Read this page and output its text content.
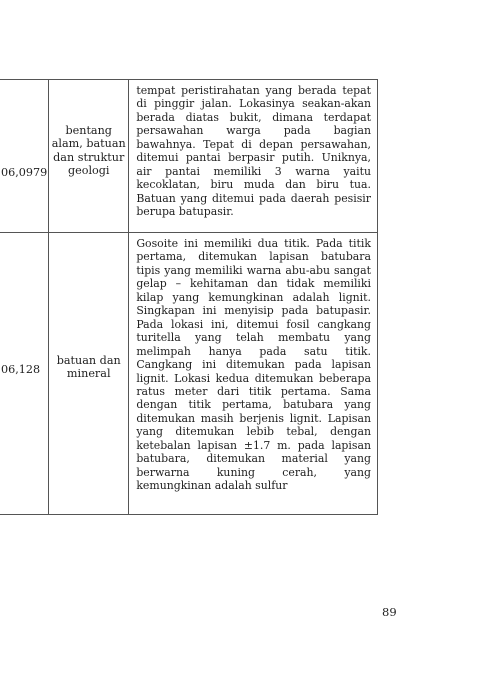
06,0979	bentang alam, batuan dan struktur geologi	tempat peristirahatan yang berada tepat di pinggir jalan. Lokasinya seakan-akan berada diatas bukit, dimana terdapat persawahan warga pada bagian bawahnya. Tepat di depan persawahan, ditemui pantai berpasir putih. Uniknya, air pantai memiliki 3 warna yaitu kecoklatan, biru muda dan biru tua. Batuan yang ditemui pada daerah pesisir berupa batupasir.

06,128	batuan dan mineral	Gosoite ini memiliki dua titik. Pada titik pertama, ditemukan lapisan batubara tipis yang memiliki warna abu-abu sangat gelap – kehitaman dan tidak memiliki kilap yang kemungkinan adalah lignit. Singkapan ini menyisip pada batupasir. Pada lokasi ini, ditemui fosil cangkang turitella yang telah membatu yang melimpah hanya pada satu titik. Cangkang ini ditemukan pada lapisan lignit. Lokasi kedua ditemukan beberapa ratus meter dari titik pertama. Sama dengan titik pertama, batubara yang ditemukan masih berjenis lignit. Lapisan yang ditemukan lebib tebal, dengan ketebalan lapisan ±1.7 m. pada lapisan batubara, ditemukan material yang berwarna kuning cerah, yang kemungkinan adalah sulfur
89
